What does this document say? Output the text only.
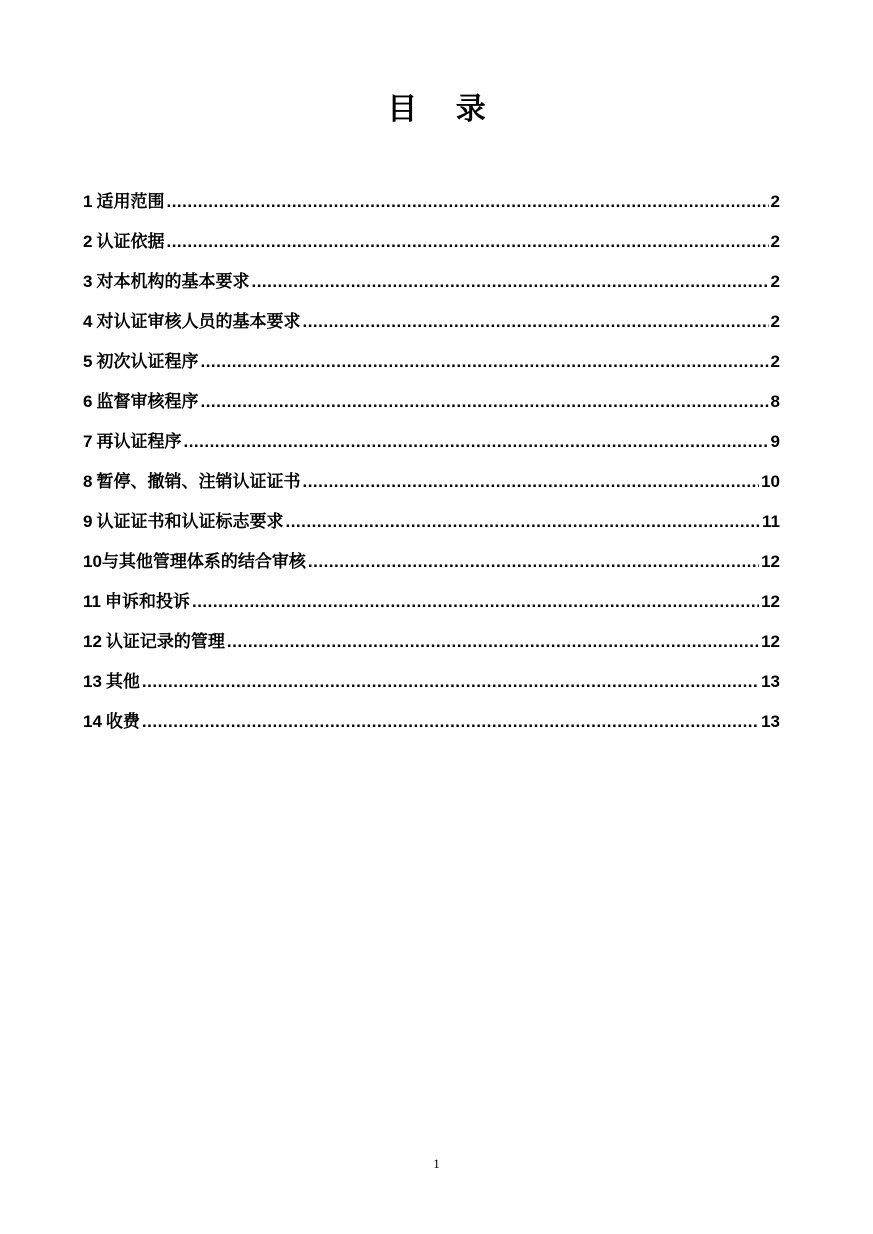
目 录
1 适用范围 .....	2
2 认证依据 .....	2
3 对本机构的基本要求 .....	2
4 对认证审核人员的基本要求 .....	2
5 初次认证程序 .....	2
6 监督审核程序 .....	8
7 再认证程序 .....	9
8 暂停、撤销、注销认证证书 .....	10
9 认证证书和认证标志要求 .....	11
10与其他管理体系的结合审核 .....	12
11 申诉和投诉 .....	12
12 认证记录的管理 .....	12
13 其他 .....	13
14 收费 .....	13
1
